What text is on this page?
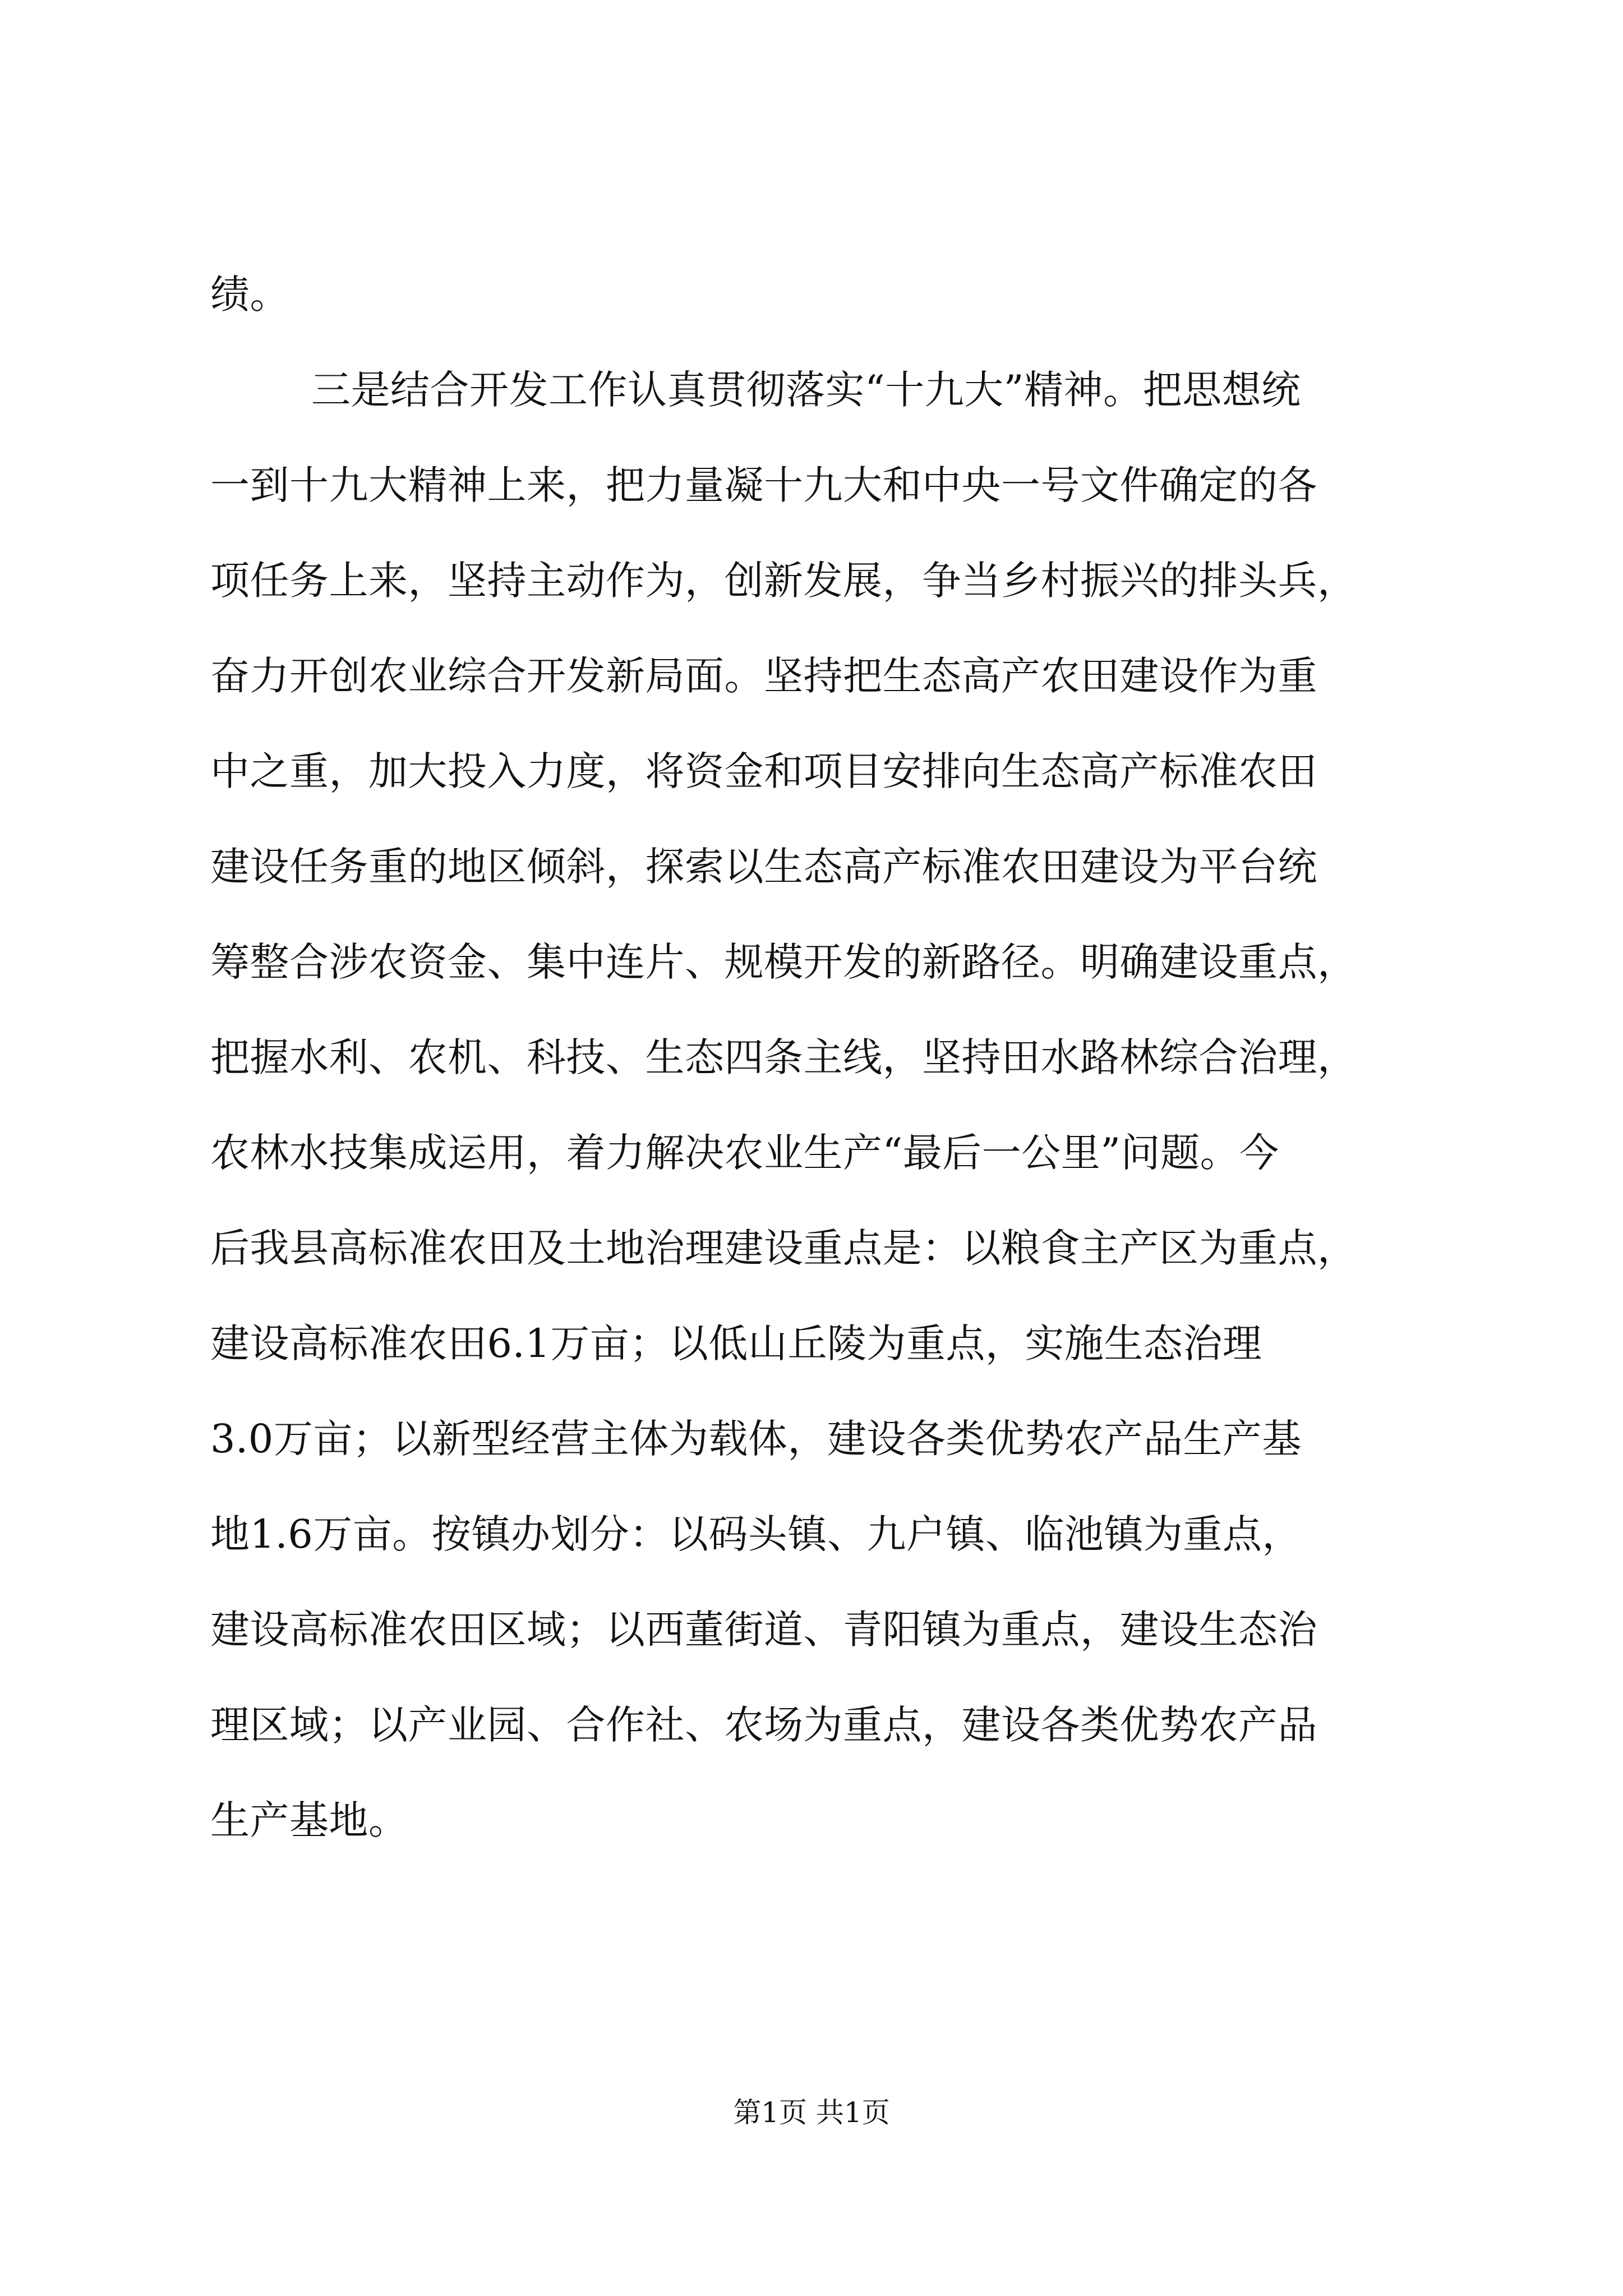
绩。
三是结合开发工作认真贯彻落实“十九大”精神。把思想统
一到十九大精神上来，把力量凝十九大和中央一号文件确定的各
项任务上来，坚持主动作为，创新发展，争当乡村振兴的排头兵，
奋力开创农业综合开发新局面。坚持把生态高产农田建设作为重
中之重，加大投入力度，将资金和项目安排向生态高产标准农田
建设任务重的地区倾斜，探索以生态高产标准农田建设为平台统
筹整合涉农资金、集中连片、规模开发的新路径。明确建设重点，
把握水利、农机、科技、生态四条主线，坚持田水路林综合治理，
农林水技集成运用，着力解决农业生产“最后一公里”问题。今
后我县高标准农田及土地治理建设重点是：以粮食主产区为重点，
建设高标准农田6.1万亩；以低山丘陵为重点，实施生态治理
3.0万亩；以新型经营主体为载体，建设各类优势农产品生产基
地1.6万亩。按镇办划分：以码头镇、九户镇、临池镇为重点，
建设高标准农田区域；以西董街道、青阳镇为重点，建设生态治
理区域；以产业园、合作社、农场为重点，建设各类优势农产品
生产基地。
第1页 共1页
